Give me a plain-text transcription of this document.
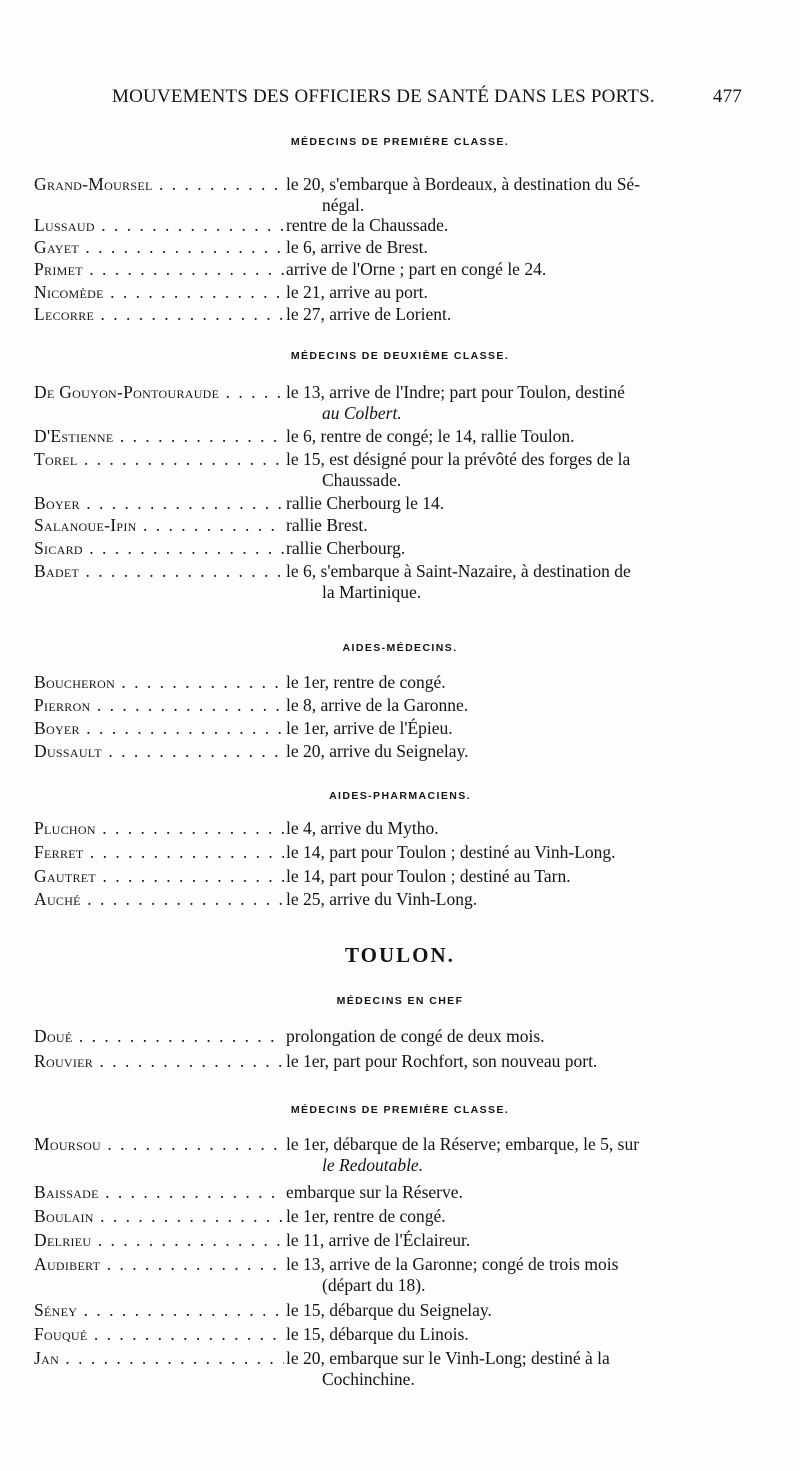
MOUVEMENTS DES OFFICIERS DE SANTÉ DANS LES PORTS.	477
MÉDECINS DE PREMIÈRE CLASSE.
Grand-Moursel . . .	le 20, s'embarque à Bordeaux, à destination du Sé-
négal.
Lussaud . . .	rentre de la Chaussade.
Gayet . . .	le 6, arrive de Brest.
Primet . . .	arrive de l'Orne ; part en congé le 24.
Nicomède . . .	le 21, arrive au port.
Lecorre . . .	le 27, arrive de Lorient.
MÉDECINS DE DEUXIÈME CLASSE.
De Gouyon-Pontouraude . . .	le 13, arrive de l'Indre; part pour Toulon, destiné
au Colbert.
D'Estienne . . .	le 6, rentre de congé; le 14, rallie Toulon.
Torel . . .	le 15, est désigné pour la prévôté des forges de la
Chaussade.
Boyer . . .	rallie Cherbourg le 14.
Salanoue-Ipin . . .	rallie Brest.
Sicard . . .	rallie Cherbourg.
Badet . . .	le 6, s'embarque à Saint-Nazaire, à destination de
la Martinique.
AIDES-MÉDECINS.
Boucheron . . .	le 1er, rentre de congé.
Pierron . . .	le 8, arrive de la Garonne.
Boyer . . .	le 1er, arrive de l'Épieu.
Dussault . . .	le 20, arrive du Seignelay.
AIDES-PHARMACIENS.
Pluchon . . .	le 4, arrive du Mytho.
Ferret . . .	le 14, part pour Toulon ; destiné au Vinh-Long.
Gautret . . .	le 14, part pour Toulon ; destiné au Tarn.
Auché . . .	le 25, arrive du Vinh-Long.
TOULON.
MÉDECINS EN CHEF
Doué . . .	prolongation de congé de deux mois.
Rouvier . . .	le 1er, part pour Rochfort, son nouveau port.
MÉDECINS DE PREMIÈRE CLASSE.
Moursou . . .	le 1er, débarque de la Réserve; embarque, le 5, sur
le Redoutable.
Baissade . . .	embarque sur la Réserve.
Boulain . . .	le 1er, rentre de congé.
Delrieu . . .	le 11, arrive de l'Éclaireur.
Audibert . . .	le 13, arrive de la Garonne; congé de trois mois
(départ du 18).
Séney . . .	le 15, débarque du Seignelay.
Fouqué . . .	le 15, débarque du Linois.
Jan . . .	le 20, embarque sur le Vinh-Long; destiné à la
Cochinchine.
